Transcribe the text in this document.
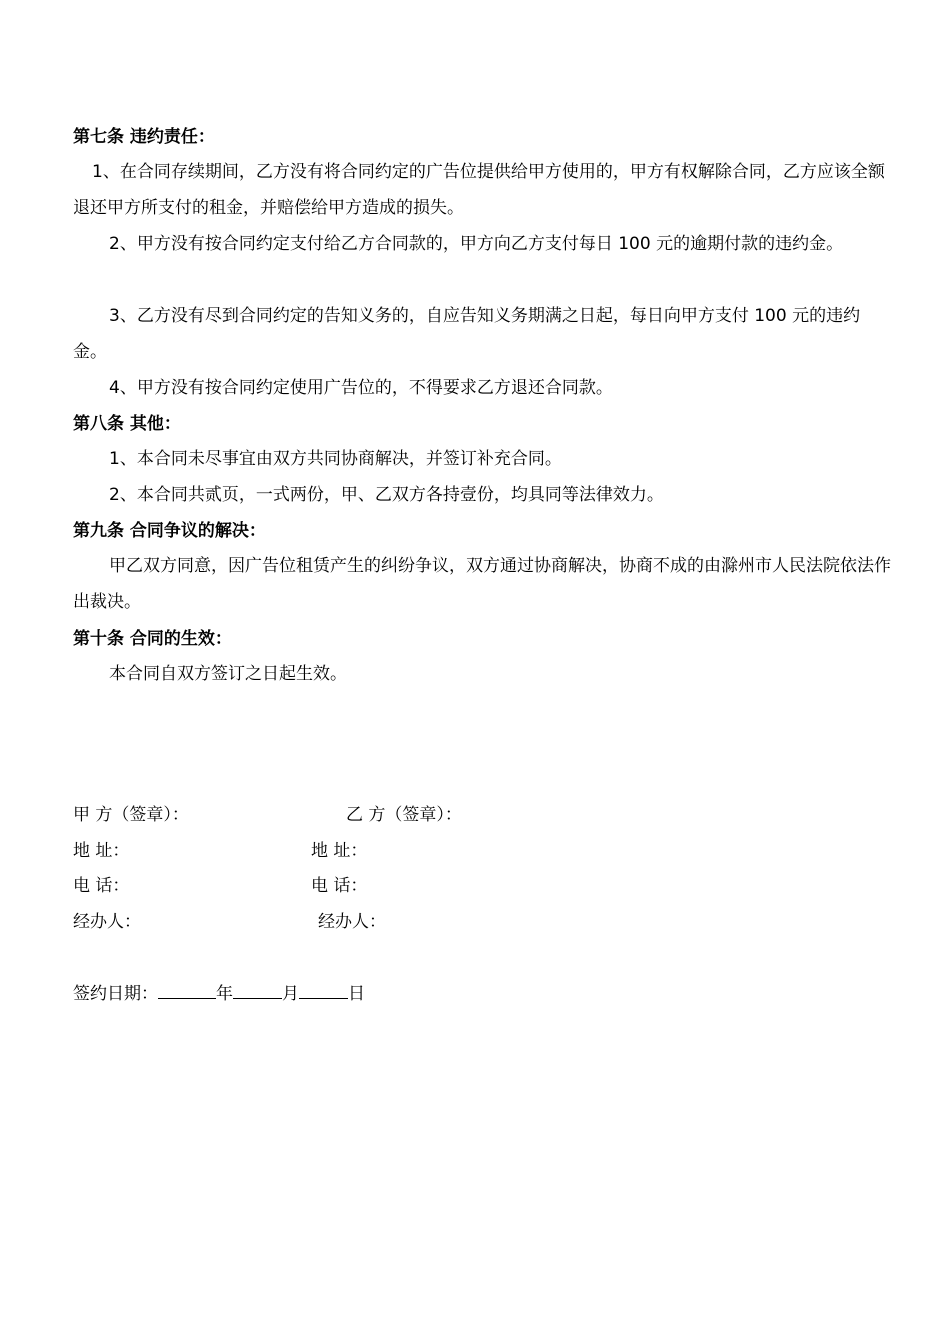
第七条 违约责任：
1、在合同存续期间，乙方没有将合同约定的广告位提供给甲方使用的，甲方有权解除合同，乙方应该全额退还甲方所支付的租金，并赔偿给甲方造成的损失。
2、甲方没有按合同约定支付给乙方合同款的，甲方向乙方支付每日 100 元的逾期付款的违约金。
3、乙方没有尽到合同约定的告知义务的，自应告知义务期满之日起，每日向甲方支付 100 元的违约金。
4、甲方没有按合同约定使用广告位的，不得要求乙方退还合同款。
第八条 其他：
1、本合同未尽事宜由双方共同协商解决，并签订补充合同。
2、本合同共贰页，一式两份，甲、乙双方各持壹份，均具同等法律效力。
第九条 合同争议的解决：
甲乙双方同意，因广告位租赁产生的纠纷争议，双方通过协商解决，协商不成的由滁州市人民法院依法作出裁决。
第十条 合同的生效：
本合同自双方签订之日起生效。
甲 方（签章）：	乙 方（签章）：
地 址：	地 址：
电 话：	电 话：
经办人：	经办人：
签约日期：	年	月	日
